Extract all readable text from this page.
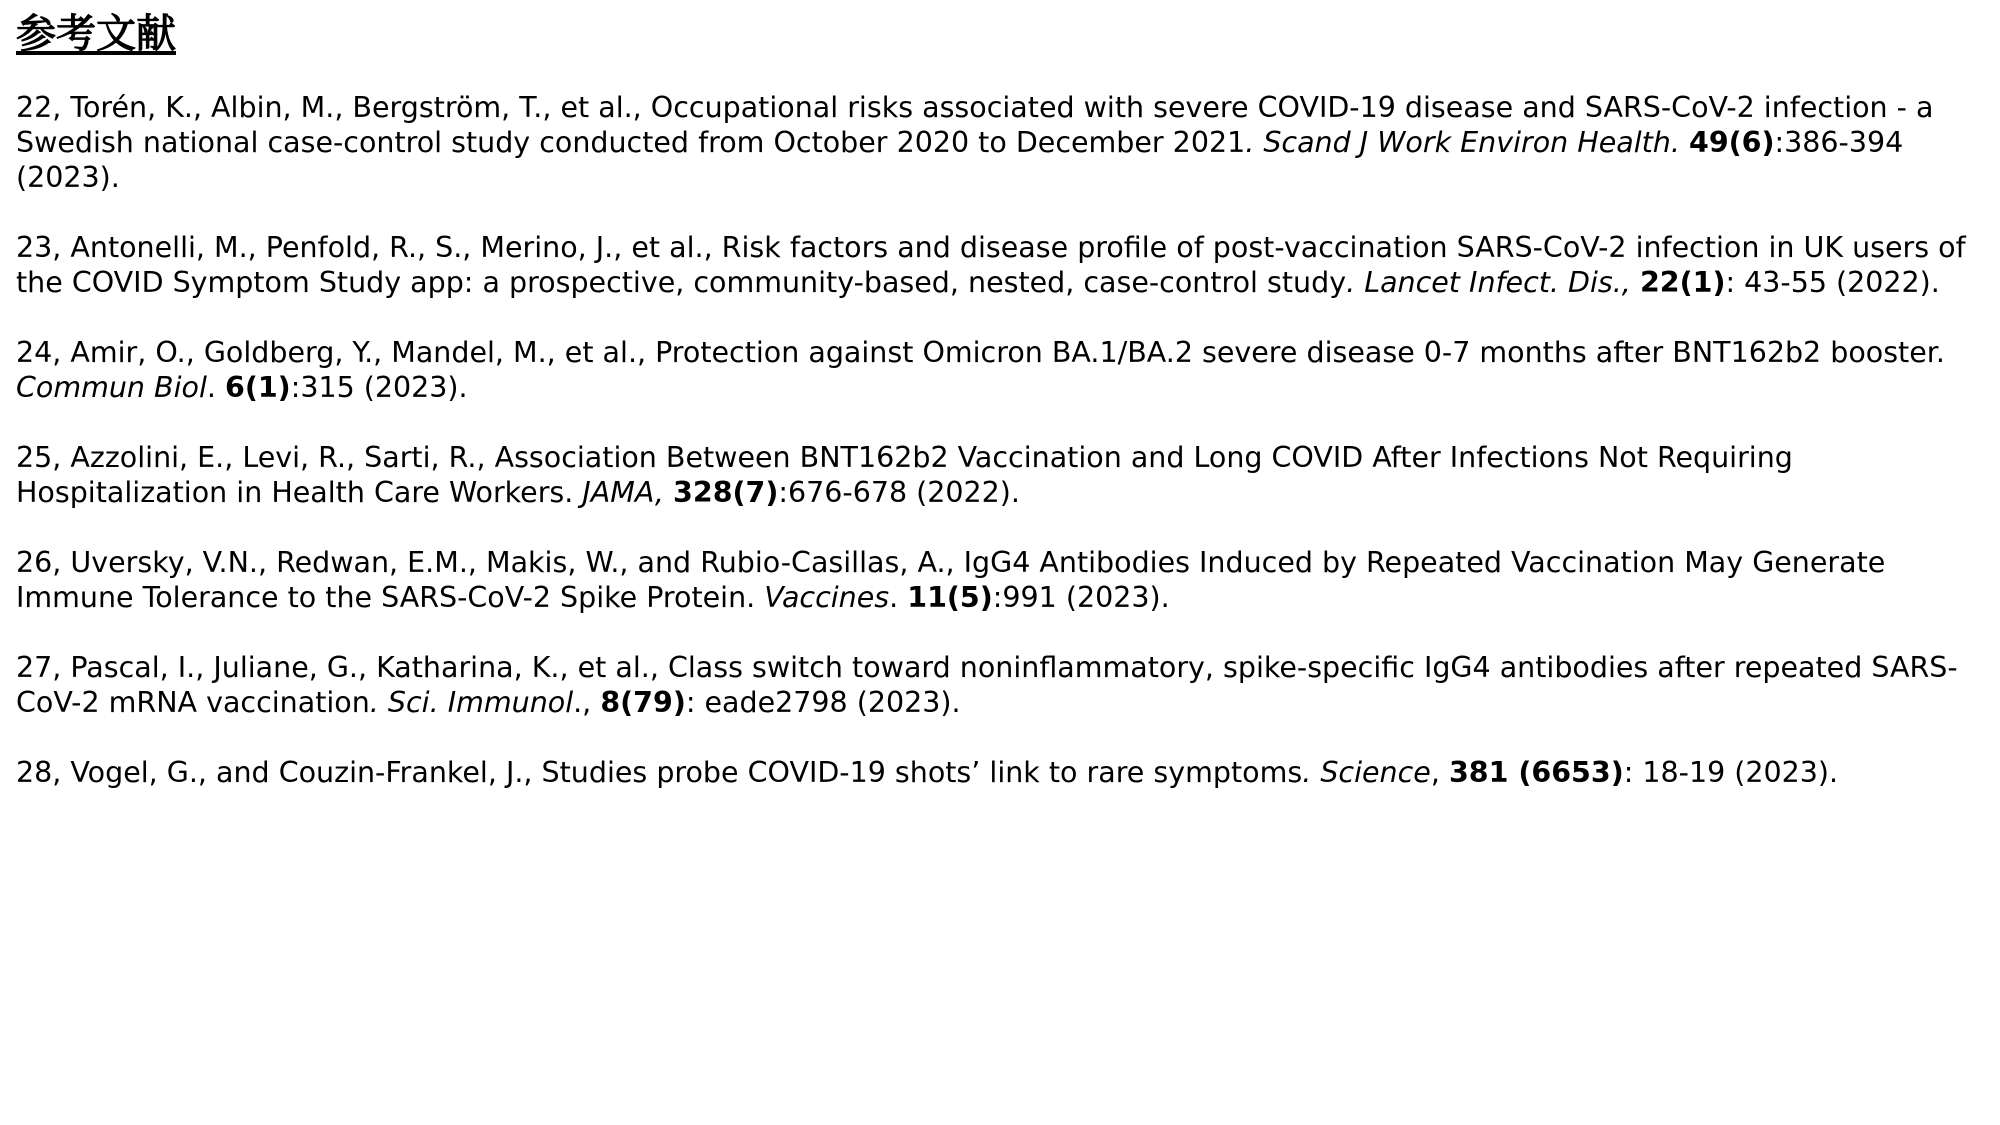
参考文献

22, Torén, K., Albin, M., Bergström, T., et al., Occupational risks associated with severe COVID-19 disease and SARS-CoV-2 infection - a Swedish national case-control study conducted from October 2020 to December 2021. Scand J Work Environ Health. 49(6):386-394 (2023).

23, Antonelli, M., Penfold, R., S., Merino, J., et al., Risk factors and disease profile of post-vaccination SARS-CoV-2 infection in UK users of the COVID Symptom Study app: a prospective, community-based, nested, case-control study. Lancet Infect. Dis., 22(1): 43-55 (2022).

24, Amir, O., Goldberg, Y., Mandel, M., et al., Protection against Omicron BA.1/BA.2 severe disease 0-7 months after BNT162b2 booster. Commun Biol. 6(1):315 (2023).

25, Azzolini, E., Levi, R., Sarti, R., Association Between BNT162b2 Vaccination and Long COVID After Infections Not Requiring Hospitalization in Health Care Workers. JAMA, 328(7):676-678 (2022).

26, Uversky, V.N., Redwan, E.M., Makis, W., and Rubio-Casillas, A., IgG4 Antibodies Induced by Repeated Vaccination May Generate Immune Tolerance to the SARS-CoV-2 Spike Protein. Vaccines. 11(5):991 (2023).

27, Pascal, I., Juliane, G., Katharina, K., et al., Class switch toward noninflammatory, spike-specific IgG4 antibodies after repeated SARS-CoV-2 mRNA vaccination. Sci. Immunol., 8(79): eade2798 (2023).

28, Vogel, G., and Couzin-Frankel, J., Studies probe COVID-19 shots’ link to rare symptoms. Science, 381 (6653): 18-19 (2023).
